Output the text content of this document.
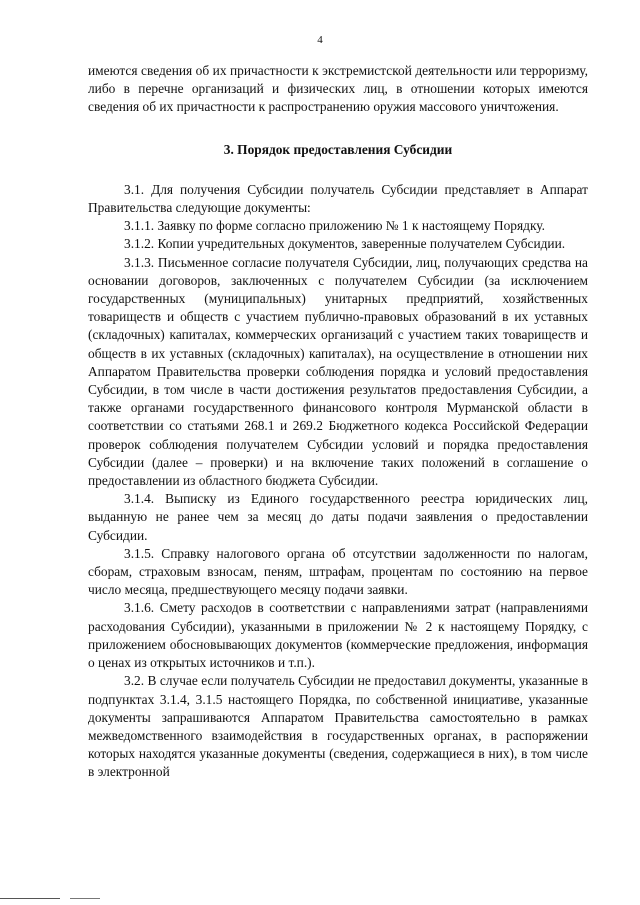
4

имеются сведения об их причастности к экстремистской деятельности или терроризму, либо в перечне организаций и физических лиц, в отношении которых имеются сведения об их причастности к распространению оружия массового уничтожения.

3. Порядок предоставления Субсидии

3.1. Для получения Субсидии получатель Субсидии представляет в Аппарат Правительства следующие документы:

3.1.1. Заявку по форме согласно приложению № 1 к настоящему Порядку.

3.1.2. Копии учредительных документов, заверенные получателем Субсидии.

3.1.3. Письменное согласие получателя Субсидии, лиц, получающих средства на основании договоров, заключенных с получателем Субсидии (за исключением государственных (муниципальных) унитарных предприятий, хозяйственных товариществ и обществ с участием публично-правовых образований в их уставных (складочных) капиталах, коммерческих организаций с участием таких товариществ и обществ в их уставных (складочных) капиталах), на осуществление в отношении них Аппаратом Правительства проверки соблюдения порядка и условий предоставления Субсидии, в том числе в части достижения результатов предоставления Субсидии, а также органами государственного финансового контроля Мурманской области в соответствии со статьями 268.1 и 269.2 Бюджетного кодекса Российской Федерации проверок соблюдения получателем Субсидии условий и порядка предоставления Субсидии (далее – проверки) и на включение таких положений в соглашение о предоставлении из областного бюджета Субсидии.

3.1.4. Выписку из Единого государственного реестра юридических лиц, выданную не ранее чем за месяц до даты подачи заявления о предоставлении Субсидии.

3.1.5. Справку налогового органа об отсутствии задолженности по налогам, сборам, страховым взносам, пеням, штрафам, процентам по состоянию на первое число месяца, предшествующего месяцу подачи заявки.

3.1.6. Смету расходов в соответствии с направлениями затрат (направлениями расходования Субсидии), указанными в приложении № 2 к настоящему Порядку, с приложением обосновывающих документов (коммерческие предложения, информация о ценах из открытых источников и т.п.).

3.2. В случае если получатель Субсидии не предоставил документы, указанные в подпунктах 3.1.4, 3.1.5 настоящего Порядка, по собственной инициативе, указанные документы запрашиваются Аппаратом Правительства самостоятельно в рамках межведомственного взаимодействия в государственных органах, в распоряжении которых находятся указанные документы (сведения, содержащиеся в них), в том числе в электронной
